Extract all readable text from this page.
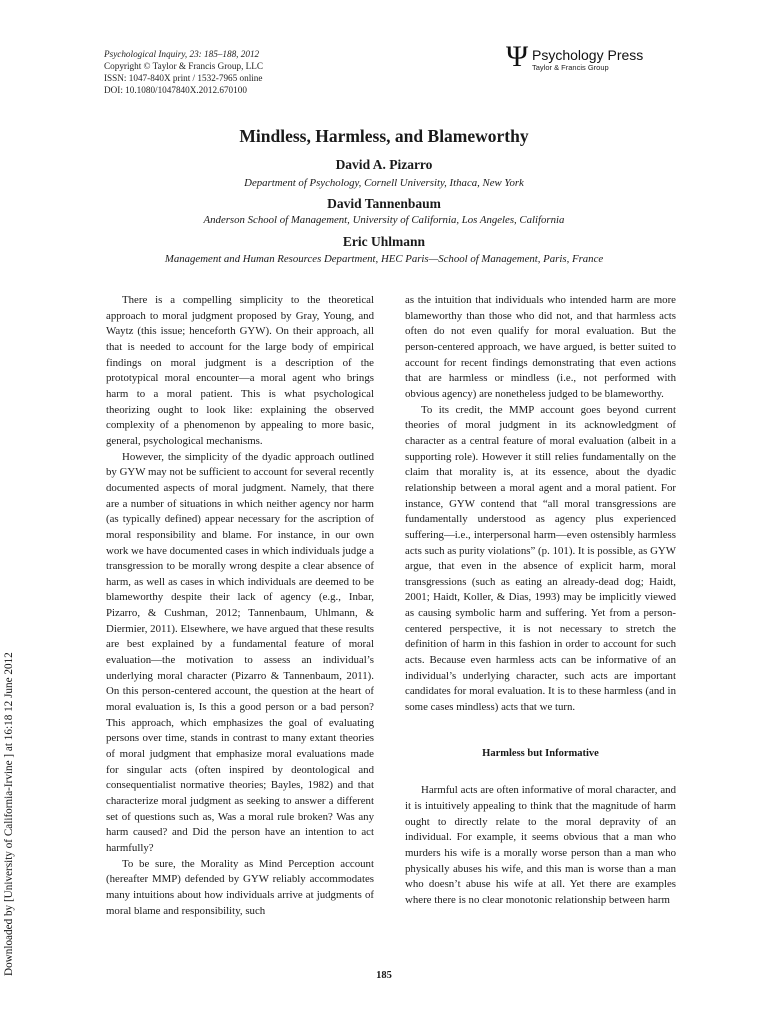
Psychological Inquiry, 23: 185–188, 2012
Copyright © Taylor & Francis Group, LLC
ISSN: 1047-840X print / 1532-7965 online
DOI: 10.1080/1047840X.2012.670100
Ψ Psychology Press
Taylor & Francis Group
Mindless, Harmless, and Blameworthy
David A. Pizarro
Department of Psychology, Cornell University, Ithaca, New York
David Tannenbaum
Anderson School of Management, University of California, Los Angeles, California
Eric Uhlmann
Management and Human Resources Department, HEC Paris—School of Management, Paris, France
Downloaded by [University of California-Irvine ] at 16:18 12 June 2012

There is a compelling simplicity to the theoretical approach to moral judgment proposed by Gray, Young, and Waytz (this issue; henceforth GYW). On their approach, all that is needed to account for the large body of empirical findings on moral judgment is a description of the prototypical moral encounter—a moral agent who brings harm to a moral patient. This is what psychological theorizing ought to look like: explaining the observed complexity of a phenomenon by appealing to more basic, general, psychological mechanisms.

However, the simplicity of the dyadic approach outlined by GYW may not be sufficient to account for several recently documented aspects of moral judgment. Namely, that there are a number of situations in which neither agency nor harm (as typically defined) appear necessary for the ascription of moral responsibility and blame. For instance, in our own work we have documented cases in which individuals judge a transgression to be morally wrong despite a clear absence of harm, as well as cases in which individuals are deemed to be blameworthy despite their lack of agency (e.g., Inbar, Pizarro, & Cushman, 2012; Tannenbaum, Uhlmann, & Diermier, 2011). Elsewhere, we have argued that these results are best explained by a fundamental feature of moral evaluation—the motivation to assess an individual’s underlying moral character (Pizarro & Tannenbaum, 2011). On this person-centered account, the question at the heart of moral evaluation is, Is this a good person or a bad person? This approach, which emphasizes the goal of evaluating persons over time, stands in contrast to many extant theories of moral judgment that emphasize moral evaluations made for singular acts (often inspired by deontological and consequentialist normative theories; Bayles, 1982) and that characterize moral judgment as seeking to answer a different set of questions such as, Was a moral rule broken? Was any harm caused? and Did the person have an intention to act harmfully?

To be sure, the Morality as Mind Perception account (hereafter MMP) defended by GYW reliably accommodates many intuitions about how individuals arrive at judgments of moral blame and responsibility, such

as the intuition that individuals who intended harm are more blameworthy than those who did not, and that harmless acts often do not even qualify for moral evaluation. But the person-centered approach, we have argued, is better suited to account for recent findings demonstrating that even actions that are harmless or mindless (i.e., not performed with obvious agency) are nonetheless judged to be blameworthy.

To its credit, the MMP account goes beyond current theories of moral judgment in its acknowledgment of character as a central feature of moral evaluation (albeit in a supporting role). However it still relies fundamentally on the claim that morality is, at its essence, about the dyadic relationship between a moral agent and a moral patient. For instance, GYW contend that “all moral transgressions are fundamentally understood as agency plus experienced suffering—i.e., interpersonal harm—even ostensibly harmless acts such as purity violations” (p. 101). It is possible, as GYW argue, that even in the absence of explicit harm, moral transgressions (such as eating an already-dead dog; Haidt, 2001; Haidt, Koller, & Dias, 1993) may be implicitly viewed as causing symbolic harm and suffering. Yet from a person-centered perspective, it is not necessary to stretch the definition of harm in this fashion in order to account for such acts. Because even harmless acts can be informative of an individual’s underlying character, such acts are important candidates for moral evaluation. It is to these harmless (and in some cases mindless) acts that we turn.

Harmless but Informative

Harmful acts are often informative of moral character, and it is intuitively appealing to think that the magnitude of harm ought to directly relate to the moral depravity of an individual. For example, it seems obvious that a man who murders his wife is a morally worse person than a man who physically abuses his wife, and this man is worse than a man who doesn’t abuse his wife at all. Yet there are examples where there is no clear monotonic relationship between harm

185
